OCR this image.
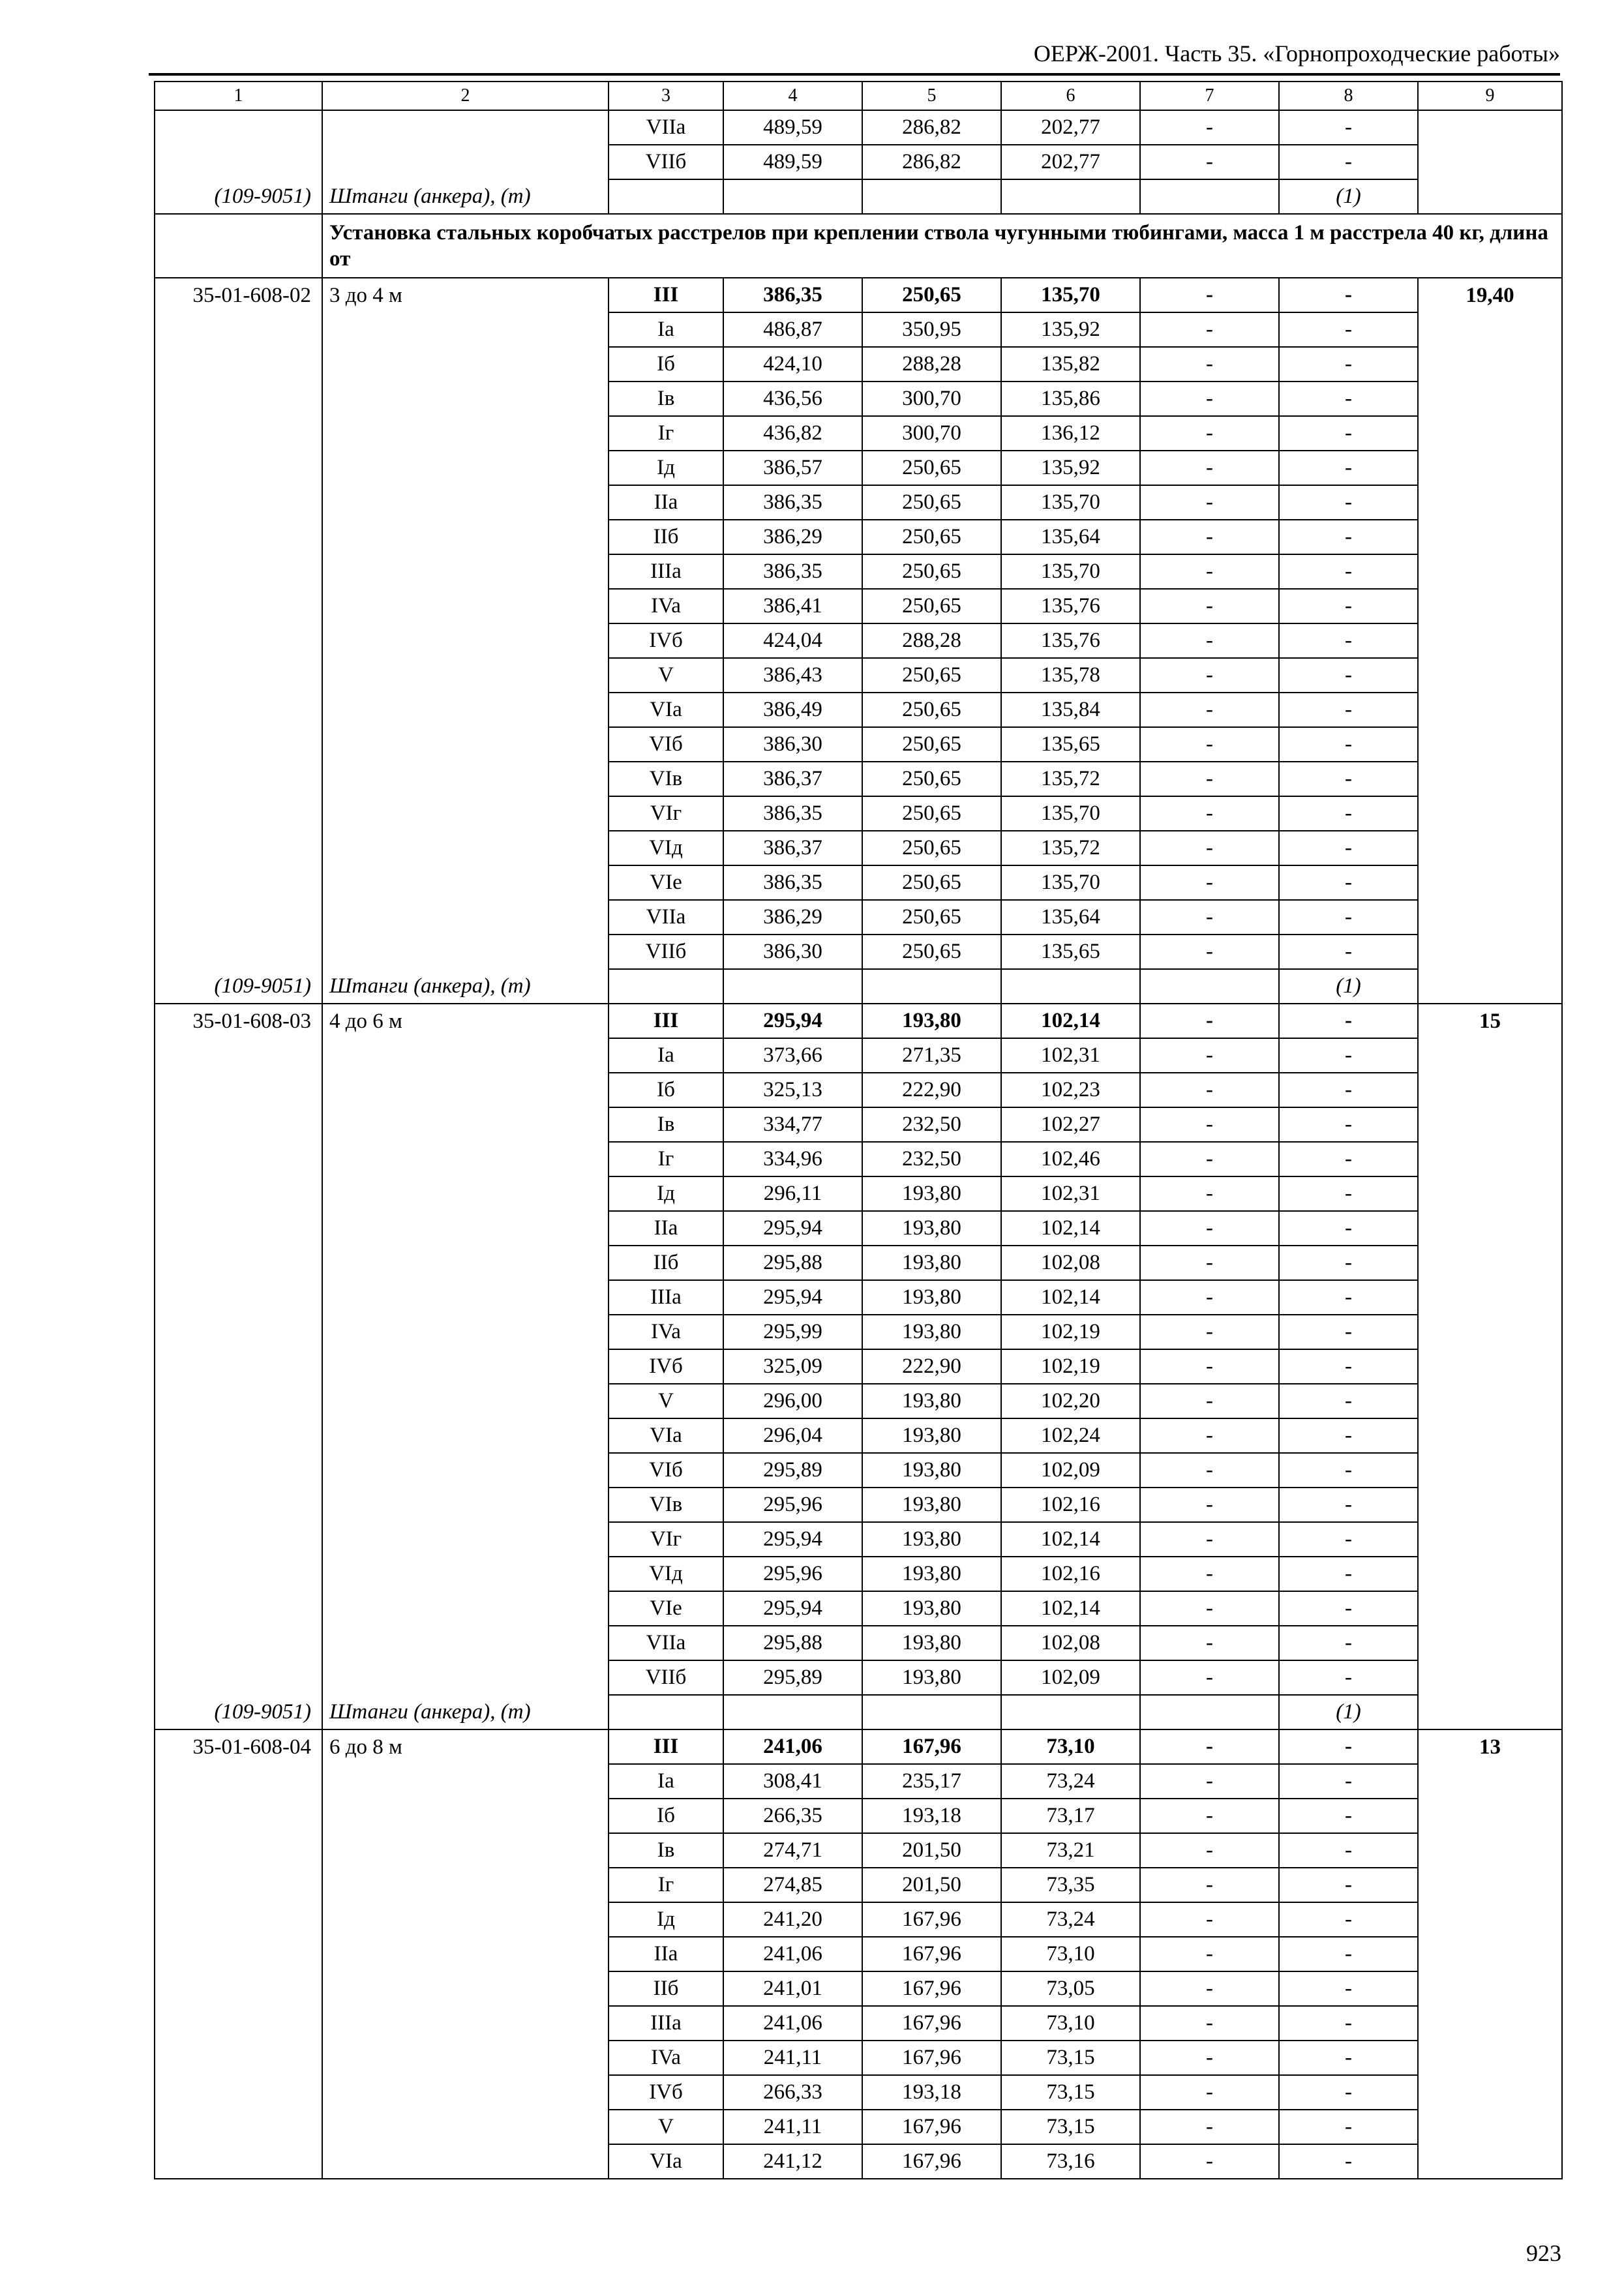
ОЕРЖ-2001. Часть 35. «Горнопроходческие работы»
1	2	3	4	5	6	7	8	9
		VIIa	489,59	286,82	202,77	-	-	
		VIIб	489,59	286,82	202,77	-	-	
(109-9051)	Штанги (анкера), (т)						(1)	
	Установка стальных коробчатых расстрелов при креплении ствола чугунными тюбингами, масса 1 м расстрела 40 кг, длина от							
35-01-608-02	3 до 4 м	III	386,35	250,65	135,70	-	-	19,40
		Ia	486,87	350,95	135,92	-	-	
		Iб	424,10	288,28	135,82	-	-	
		Iв	436,56	300,70	135,86	-	-	
		Iг	436,82	300,70	136,12	-	-	
		Iд	386,57	250,65	135,92	-	-	
		IIa	386,35	250,65	135,70	-	-	
		IIб	386,29	250,65	135,64	-	-	
		IIIa	386,35	250,65	135,70	-	-	
		IVa	386,41	250,65	135,76	-	-	
		IVб	424,04	288,28	135,76	-	-	
		V	386,43	250,65	135,78	-	-	
		VIa	386,49	250,65	135,84	-	-	
		VIб	386,30	250,65	135,65	-	-	
		VIв	386,37	250,65	135,72	-	-	
		VIг	386,35	250,65	135,70	-	-	
		VIд	386,37	250,65	135,72	-	-	
		VIe	386,35	250,65	135,70	-	-	
		VIIa	386,29	250,65	135,64	-	-	
		VIIб	386,30	250,65	135,65	-	-	
(109-9051)	Штанги (анкера), (т)						(1)	
35-01-608-03	4 до 6 м	III	295,94	193,80	102,14	-	-	15
		Ia	373,66	271,35	102,31	-	-	
		Iб	325,13	222,90	102,23	-	-	
		Iв	334,77	232,50	102,27	-	-	
		Iг	334,96	232,50	102,46	-	-	
		Iд	296,11	193,80	102,31	-	-	
		IIa	295,94	193,80	102,14	-	-	
		IIб	295,88	193,80	102,08	-	-	
		IIIa	295,94	193,80	102,14	-	-	
		IVa	295,99	193,80	102,19	-	-	
		IVб	325,09	222,90	102,19	-	-	
		V	296,00	193,80	102,20	-	-	
		VIa	296,04	193,80	102,24	-	-	
		VIб	295,89	193,80	102,09	-	-	
		VIв	295,96	193,80	102,16	-	-	
		VIг	295,94	193,80	102,14	-	-	
		VIд	295,96	193,80	102,16	-	-	
		VIe	295,94	193,80	102,14	-	-	
		VIIa	295,88	193,80	102,08	-	-	
		VIIб	295,89	193,80	102,09	-	-	
(109-9051)	Штанги (анкера), (т)						(1)	
35-01-608-04	6 до 8 м	III	241,06	167,96	73,10	-	-	13
		Ia	308,41	235,17	73,24	-	-	
		Iб	266,35	193,18	73,17	-	-	
		Iв	274,71	201,50	73,21	-	-	
		Iг	274,85	201,50	73,35	-	-	
		Iд	241,20	167,96	73,24	-	-	
		IIa	241,06	167,96	73,10	-	-	
		IIб	241,01	167,96	73,05	-	-	
		IIIa	241,06	167,96	73,10	-	-	
		IVa	241,11	167,96	73,15	-	-	
		IVб	266,33	193,18	73,15	-	-	
		V	241,11	167,96	73,15	-	-	
		VIa	241,12	167,96	73,16	-	-	
923
